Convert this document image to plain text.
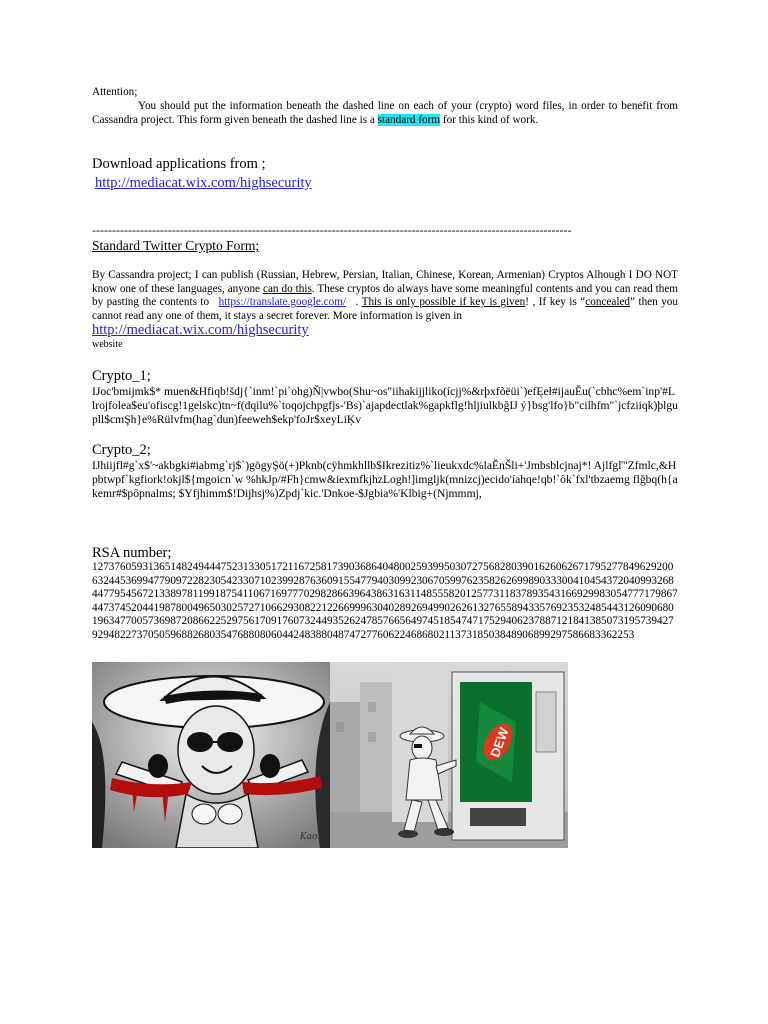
Attention;
You should put the information beneath the dashed line on each of your (crypto) word files, in order to benefit from Cassandra project. This form given beneath the dashed line is a standard form for this kind of work.
Download applications from ;
http://mediacat.wix.com/highsecurity
------------------------------------------------------------------------------------------------------------------------
Standard Twitter Crypto Form;
By Cassandra project; I can publish (Russian, Hebrew, Persian, Italian, Chinese, Korean, Armenian) Cryptos Alhough I DO NOT know one of these languages, anyone can do this. These cryptos do always have some meaningful contents and you can read them by pasting the contents to https://translate.google.com/ . This is only possible if key is given! , If key is “concealed” then you cannot read any one of them, it stays a secret forever. More information is given in
http://mediacat.wix.com/highsecurity
website
Crypto_1;
IJoc'bmijmk$* muen&Hfiqb!šdj{`inm!`pi`ohg)Ň|vwbo(Shu~os"iihakijjliko(ícjj%&rþxfõëüi`)efĘeł#ijauĚu(`cbhc%em`inp'#Llrojfolea$eu'ofiscg!1gelskc)tn~f(dqilu%`toqojchpgfjs-'Bs)`ajapdectlak%gapkflg!hljiulkbğIJ ý}bsg'lfo}b"cilhfm"`jcfziiqk)þlgupll$cmŞh}e%Rülvfm(hag`dun)feeweh$ekp'foJr$xeyLiĶv
Crypto_2;
IJhiijfl#g`x$'~akbgki#iabmg`rj$`)gögyŞö(+)Pknb(cÿhmkhllb$Ikrezitiz%`lieukxdc%laĔnŠli+'Jmbsblcjnaj*! Ajlfgľ"Zfmlc,&Hpbtwpf`kgfiork!okjl${mgoicn`w %hkJp/#Fh}cmw&iexmfkjhzLogh!]imgljk(mnizcj)ecido'íahqe!qb!`ôk`fxl'tbzaemg flğbq(h{akemr#$pôpnalms; $Yfjhimm$!Dijhsj%)Zpdj`kic.'Dnkoe-$Jgbia%'Klbig+(Njmmmj,
RSA number;
127376059313651482494447523133051721167258173903686404800259399503072756828039016260626717952778496292006324453699477909722823054233071023992876360915547794030992306705997623582626998903330041045437204099326844779545672133897811991875411067169777029828663964386316311485558201257731183789354316692998305477717986744737452044198780049650302572710662930822122669996304028926949902626132765589433576923532485443126090680196347700573698720866225297561709176073244935262478576656497451854747175294062378871218413850731957394279294822737050596882680354768808060442483880487472776062246868021137318503848906899297586683362253
Kaos
DEW
